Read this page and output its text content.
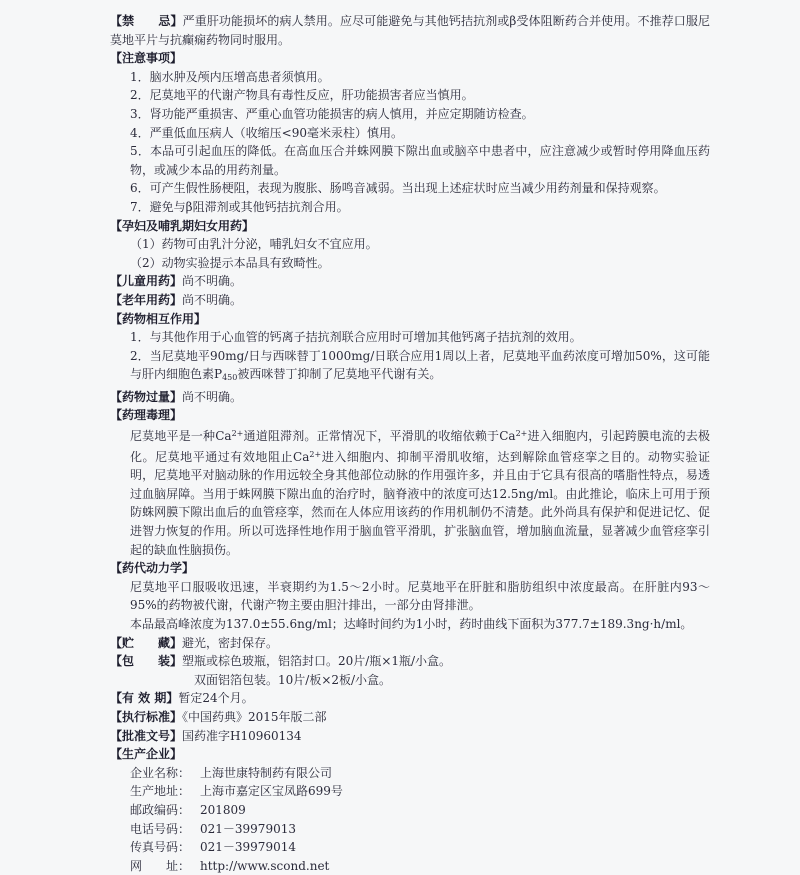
【禁　　忌】严重肝功能损坏的病人禁用。应尽可能避免与其他钙拮抗剂或β受体阻断药合并使用。不推荐口服尼莫地平片与抗癫痫药物同时服用。
【注意事项】
1．脑水肿及颅内压增高患者须慎用。
2．尼莫地平的代谢产物具有毒性反应，肝功能损害者应当慎用。
3．肾功能严重损害、严重心血管功能损害的病人慎用，并应定期随访检查。
4．严重低血压病人（收缩压<90毫米汞柱）慎用。
5．本品可引起血压的降低。在高血压合并蛛网膜下隙出血或脑卒中患者中，应注意减少或暂时停用降血压药物，或减少本品的用药剂量。
6．可产生假性肠梗阻，表现为腹胀、肠鸣音减弱。当出现上述症状时应当减少用药剂量和保持观察。
7．避免与β阻滞剂或其他钙拮抗剂合用。
【孕妇及哺乳期妇女用药】
（1）药物可由乳汁分泌，哺乳妇女不宜应用。
（2）动物实验提示本品具有致畸性。
【儿童用药】尚不明确。
【老年用药】尚不明确。
【药物相互作用】
1．与其他作用于心血管的钙离子拮抗剂联合应用时可增加其他钙离子拮抗剂的效用。
2．当尼莫地平90mg/日与西咪替丁1000mg/日联合应用1周以上者，尼莫地平血药浓度可增加50%，这可能与肝内细胞色素$P_{450}$被西咪替丁抑制了尼莫地平代谢有关。
【药物过量】尚不明确。
【药理毒理】
尼莫地平是一种$Ca^{2+}$通道阻滞剂。正常情况下，平滑肌的收缩依赖于$Ca^{2+}$进入细胞内，引起跨膜电流的去极化。尼莫地平通过有效地阻止$Ca^{2+}$进入细胞内、抑制平滑肌收缩，达到解除血管痉挛之目的。动物实验证明，尼莫地平对脑动脉的作用远较全身其他部位动脉的作用强许多，并且由于它具有很高的嗜脂性特点，易透过血脑屏障。当用于蛛网膜下隙出血的治疗时，脑脊液中的浓度可达12.5ng/ml。由此推论，临床上可用于预防蛛网膜下隙出血后的血管痉挛，然而在人体应用该药的作用机制仍不清楚。此外尚具有保护和促进记忆、促进智力恢复的作用。所以可选择性地作用于脑血管平滑肌，扩张脑血管，增加脑血流量，显著减少血管痉挛引起的缺血性脑损伤。
【药代动力学】
尼莫地平口服吸收迅速，半衰期约为1.5～2小时。尼莫地平在肝脏和脂肪组织中浓度最高。在肝脏内93～95%的药物被代谢，代谢产物主要由胆汁排出，一部分由肾排泄。
本品最高峰浓度为137.0±55.6ng/ml；达峰时间约为1小时，药时曲线下面积为377.7±189.3ng·h/ml。
【贮　　藏】避光，密封保存。
【包　　装】塑瓶或棕色玻瓶，铝箔封口。20片/瓶×1瓶/小盒。
双面铝箔包装。10片/板×2板/小盒。
【有 效 期】暂定24个月。
【执行标准】《中国药典》2015年版二部
【批准文号】国药准字H10960134
【生产企业】
企业名称： 上海世康特制药有限公司
生产地址： 上海市嘉定区宝凤路699号
邮政编码： 201809
电话号码： 021－39979013
传真号码： 021－39979014
网　　址： http://www.scond.net
